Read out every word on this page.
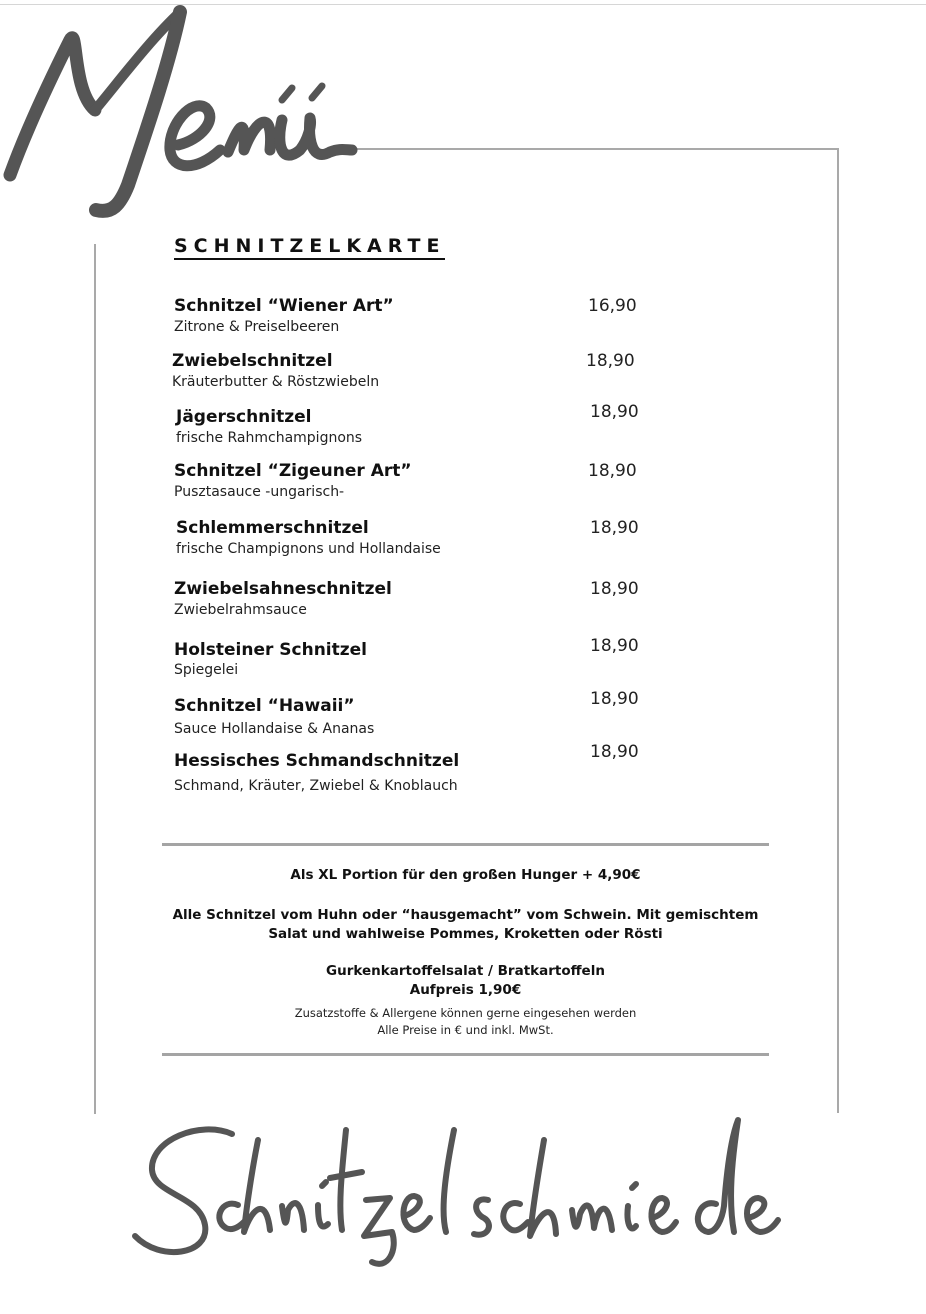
SCHNITZELKARTE
Schnitzel “Wiener Art”
Zitrone & Preiselbeeren
16,90
Zwiebelschnitzel
Kräuterbutter & Röstzwiebeln
18,90
Jägerschnitzel
frische Rahmchampignons
18,90
Schnitzel “Zigeuner Art”
Pusztasauce -ungarisch-
18,90
Schlemmerschnitzel
frische Champignons und Hollandaise
18,90
Zwiebelsahneschnitzel
Zwiebelrahmsauce
18,90
Holsteiner Schnitzel
Spiegelei
18,90
Schnitzel “Hawaii”
Sauce Hollandaise & Ananas
18,90
Hessisches Schmandschnitzel
Schmand, Kräuter, Zwiebel & Knoblauch
18,90
Als XL Portion für den großen Hunger + 4,90€
Alle Schnitzel vom Huhn oder “hausgemacht” vom Schwein. Mit gemischtem
Salat und wahlweise Pommes, Kroketten oder Rösti
Gurkenkartoffelsalat / Bratkartoffeln
Aufpreis 1,90€
Zusatzstoffe & Allergene können gerne eingesehen werden
Alle Preise in € und inkl. MwSt.
